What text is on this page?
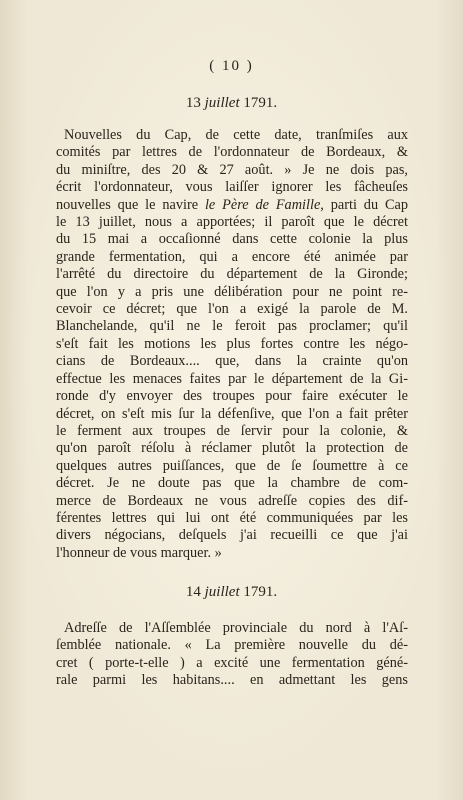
( 10 )
13 juillet 1791.
Nouvelles du Cap, de cette date, tranſmiſes aux
comités par lettres de l'ordonnateur de Bordeaux, &
du miniſtre, des 20 & 27 août. » Je ne dois pas,
écrit l'ordonnateur, vous laiſſer ignorer les fâcheuſes
nouvelles que le navire le Père de Famille, parti du Cap
le 13 juillet, nous a apportées; il paroît que le décret
du 15 mai a occaſionné dans cette colonie la plus
grande fermentation, qui a encore été animée par
l'arrêté du directoire du département de la Gironde;
que l'on y a pris une délibération pour ne point re-
cevoir ce décret; que l'on a exigé la parole de M.
Blanchelande, qu'il ne le feroit pas proclamer; qu'il
s'eſt fait les motions les plus fortes contre les négo-
cians de Bordeaux.... que, dans la crainte qu'on
effectue les menaces faites par le département de la Gi-
ronde d'y envoyer des troupes pour faire exécuter le
décret, on s'eſt mis ſur la défenſive, que l'on a fait prêter
le ferment aux troupes de ſervir pour la colonie, &
qu'on paroît réſolu à réclamer plutôt la protection de
quelques autres puiſſances, que de ſe ſoumettre à ce
décret. Je ne doute pas que la chambre de com-
merce de Bordeaux ne vous adreſſe copies des dif-
férentes lettres qui lui ont été communiquées par les
divers négocians, deſquels j'ai recueilli ce que j'ai
l'honneur de vous marquer. »
14 juillet 1791.
Adreſſe de l'Aſſemblée provinciale du nord à l'Aſ-
ſemblée nationale. « La première nouvelle du dé-
cret ( porte-t-elle ) a excité une fermentation géné-
rale parmi les habitans.... en admettant les gens
